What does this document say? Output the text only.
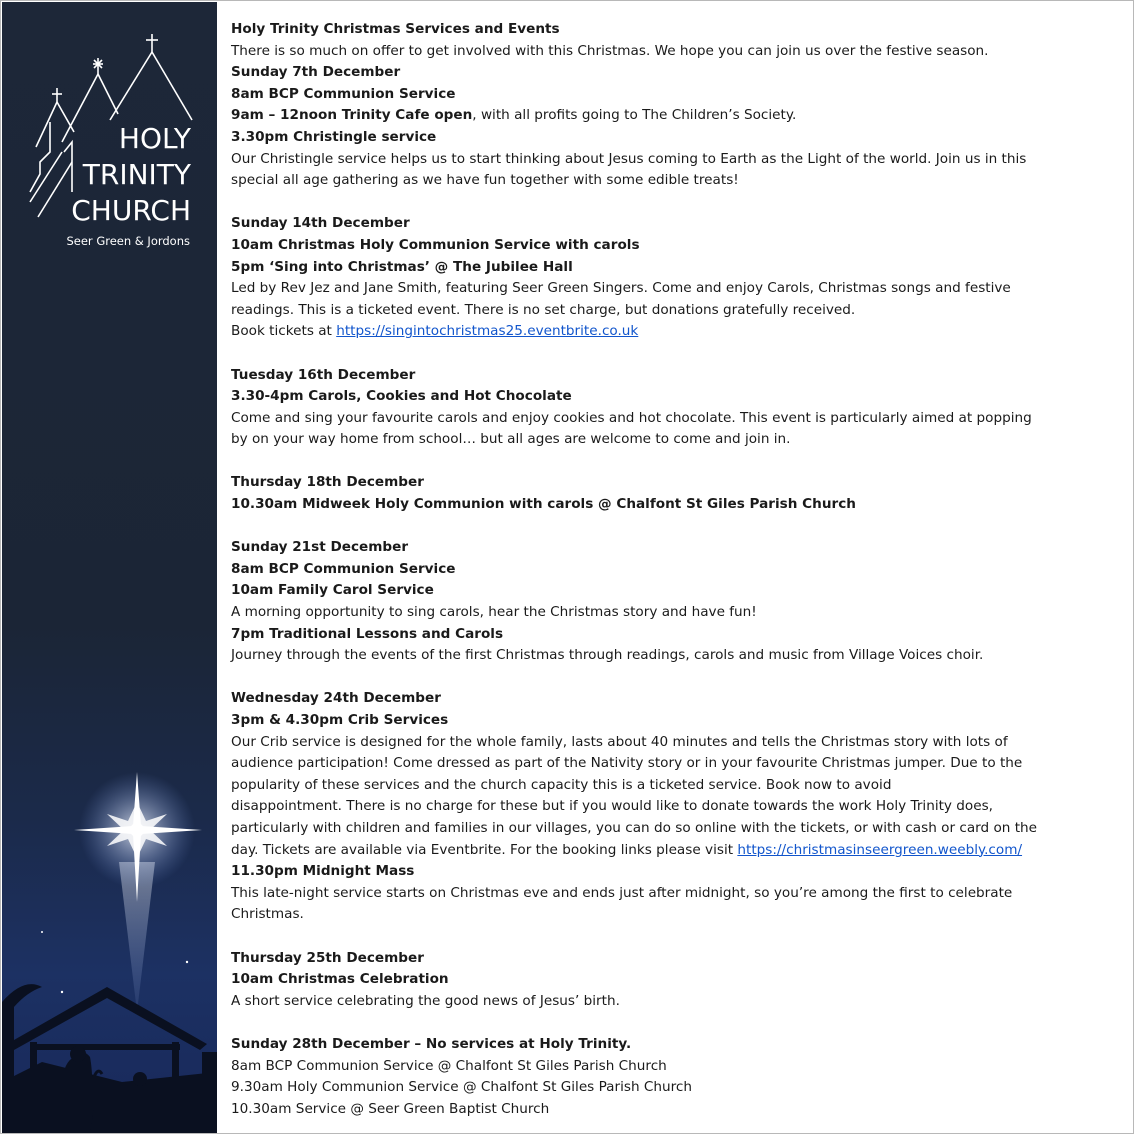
HOLY
TRINITY
CHURCH
Seer Green & Jordons
Holy Trinity Christmas Services and Events
There is so much on offer to get involved with this Christmas. We hope you can join us over the festive season.
Sunday 7th December
8am BCP Communion Service
9am – 12noon Trinity Cafe open, with all profits going to The Children’s Society.
3.30pm Christingle service
Our Christingle service helps us to start thinking about Jesus coming to Earth as the Light of the world. Join us in this
special all age gathering as we have fun together with some edible treats!
Sunday 14th December
10am Christmas Holy Communion Service with carols
5pm ‘Sing into Christmas’ @ The Jubilee Hall
Led by Rev Jez and Jane Smith, featuring Seer Green Singers. Come and enjoy Carols, Christmas songs and festive
readings. This is a ticketed event. There is no set charge, but donations gratefully received.
Book tickets at https://singintochristmas25.eventbrite.co.uk
Tuesday 16th December
3.30-4pm Carols, Cookies and Hot Chocolate
Come and sing your favourite carols and enjoy cookies and hot chocolate. This event is particularly aimed at popping
by on your way home from school… but all ages are welcome to come and join in.
Thursday 18th December
10.30am Midweek Holy Communion with carols @ Chalfont St Giles Parish Church
Sunday 21st December
8am BCP Communion Service
10am Family Carol Service
A morning opportunity to sing carols, hear the Christmas story and have fun!
7pm Traditional Lessons and Carols
Journey through the events of the first Christmas through readings, carols and music from Village Voices choir.
Wednesday 24th December
3pm & 4.30pm Crib Services
Our Crib service is designed for the whole family, lasts about 40 minutes and tells the Christmas story with lots of
audience participation! Come dressed as part of the Nativity story or in your favourite Christmas jumper. Due to the
popularity of these services and the church capacity this is a ticketed service. Book now to avoid
disappointment. There is no charge for these but if you would like to donate towards the work Holy Trinity does,
particularly with children and families in our villages, you can do so online with the tickets, or with cash or card on the
day. Tickets are available via Eventbrite. For the booking links please visit https://christmasinseergreen.weebly.com/
11.30pm Midnight Mass
This late-night service starts on Christmas eve and ends just after midnight, so you’re among the first to celebrate
Christmas.
Thursday 25th December
10am Christmas Celebration
A short service celebrating the good news of Jesus’ birth.
Sunday 28th December – No services at Holy Trinity.
8am BCP Communion Service @ Chalfont St Giles Parish Church
9.30am Holy Communion Service @ Chalfont St Giles Parish Church
10.30am Service @ Seer Green Baptist Church
